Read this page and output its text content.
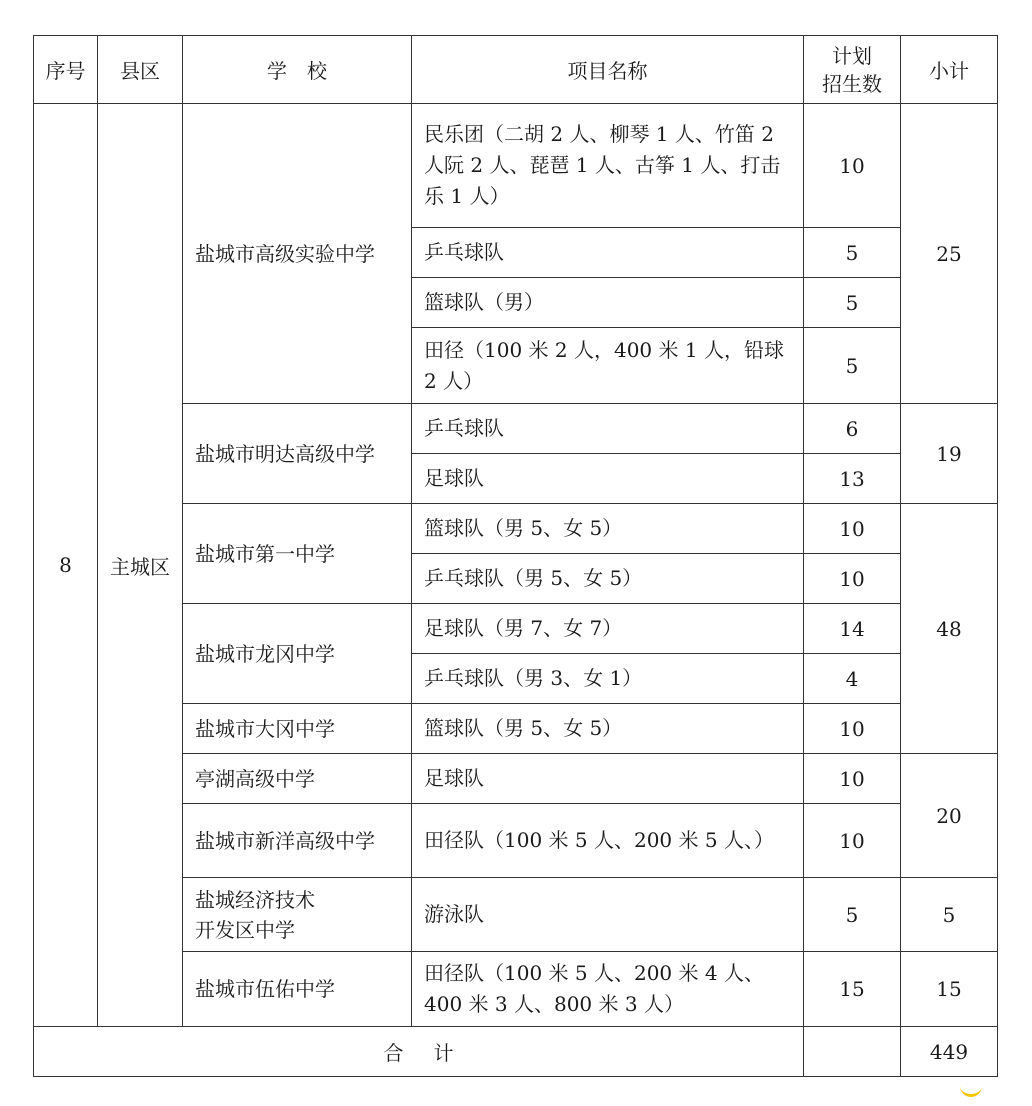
序号	县区	学　校	项目名称	计划
招生数	小计
8	主城区	盐城市高级实验中学	民乐团（二胡 2 人、柳琴 1 人、竹笛 2 人阮 2 人、琵琶 1 人、古筝 1 人、打击乐 1 人）	10	25
			乒乓球队	5	
			篮球队（男）	5	
			田径（100 米 2 人，400 米 1 人，铅球 2 人）	5	
		盐城市明达高级中学	乒乓球队	6	19
			足球队	13	
		盐城市第一中学	篮球队（男 5、女 5）	10	48
			乒乓球队（男 5、女 5）	10	
		盐城市龙冈中学	足球队（男 7、女 7）	14	
			乒乓球队（男 3、女 1）	4	
		盐城市大冈中学	篮球队（男 5、女 5）	10	
		亭湖高级中学	足球队	10	20
		盐城市新洋高级中学	田径队（100 米 5 人、200 米 5 人、）	10	
		盐城经济技术
开发区中学	游泳队	5	5
		盐城市伍佑中学	田径队（100 米 5 人、200 米 4 人、400 米 3 人、800 米 3 人）	15	15
合计					449
